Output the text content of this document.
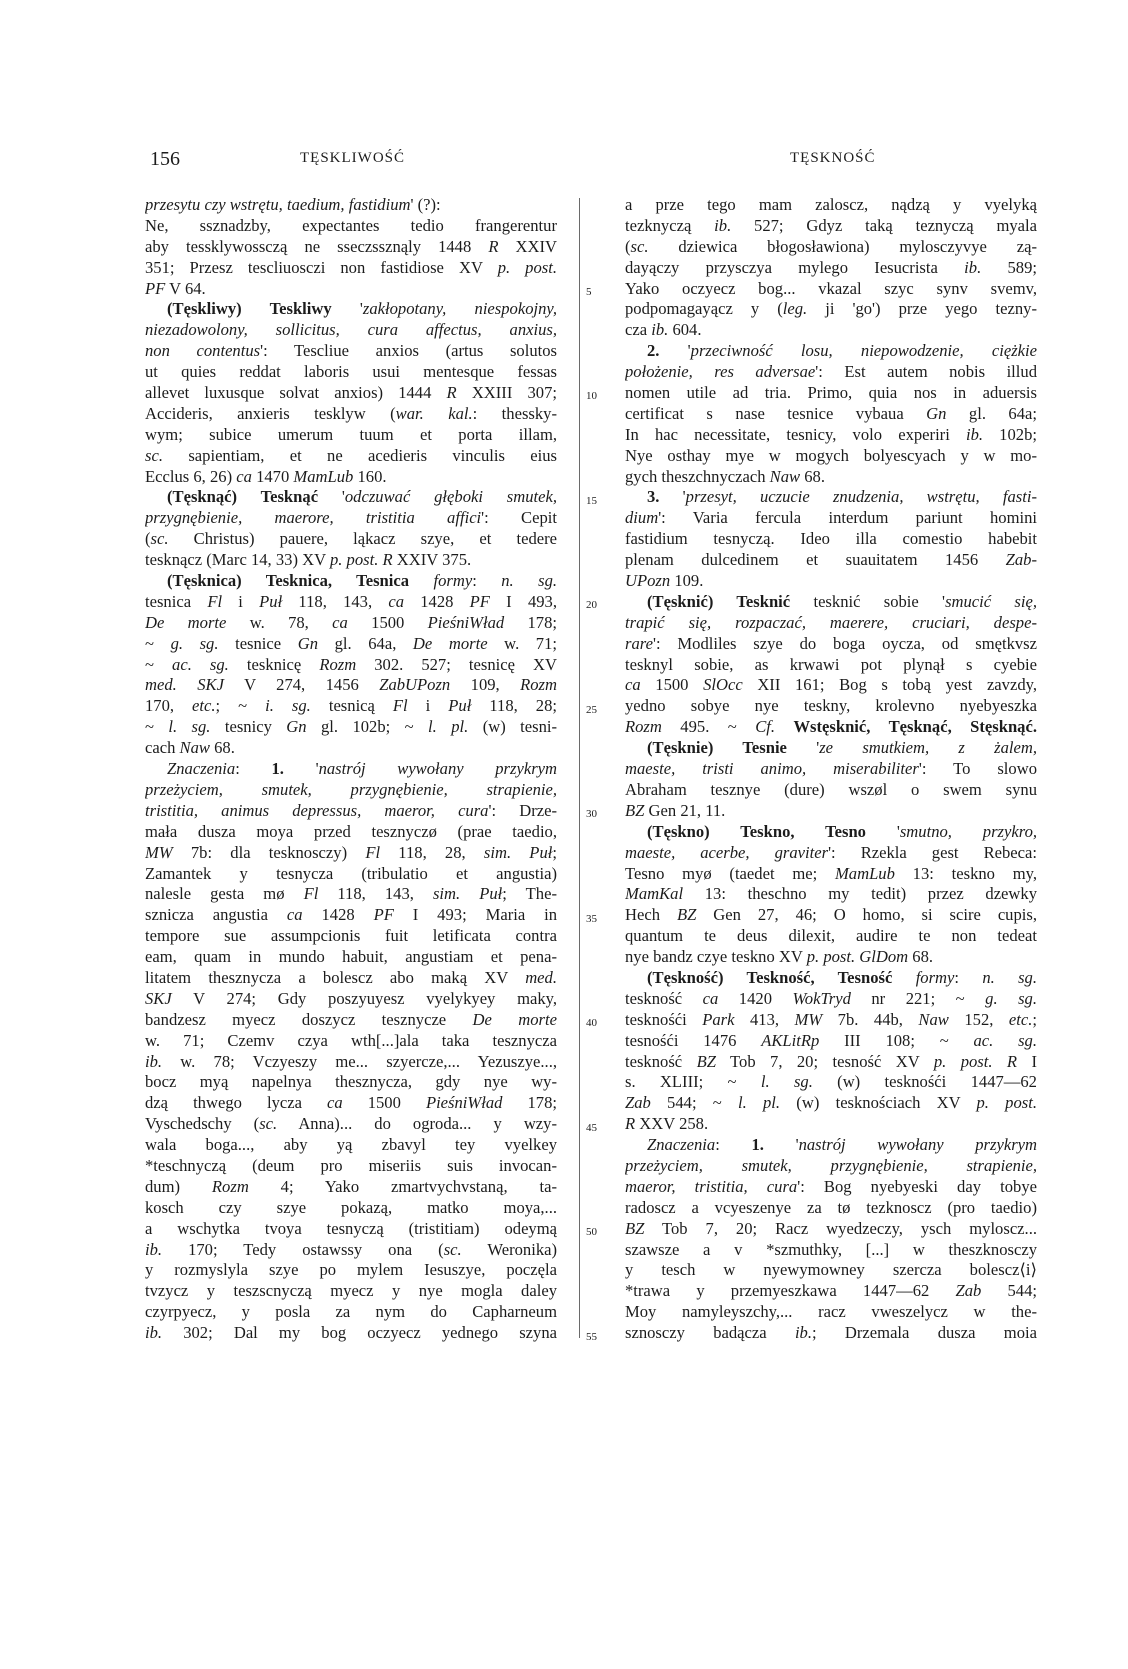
156	TĘSKLIWOŚĆ	TĘSKNOŚĆ
przesytu czy wstrętu, taedium, fastidium' (?):
Ne, ssznadzby, expectantes tedio frangerentur
aby tessklywossczą ne sseczssznąly 1448 R XXIV
351; Przesz tescliuosczi non fastidiose XV p. post.
PF V 64.
(Tęskliwy) Teskliwy 'zakłopotany, niespokojny,
niezadowolony, sollicitus, cura affectus, anxius,
non contentus': Tescliue anxios (artus solutos
ut quies reddat laboris usui mentesque fessas
allevet luxusque solvat anxios) 1444 R XXIII 307;
Accideris, anxieris tesklyw (war. kal.: thessky-
wym; subice umerum tuum et porta illam,
sc. sapientiam, et ne acedieris vinculis eius
Ecclus 6, 26) ca 1470 MamLub 160.
(Tęsknąć) Tesknąć 'odczuwać głęboki smutek,
przygnębienie, maerore, tristitia affici': Cepit
(sc. Christus) pauere, ląkacz szye, et tedere
tesknącz (Marc 14, 33) XV p. post. R XXIV 375.
(Tęsknica) Tesknica, Tesnica formy: n. sg.
tesnica Fl i Puł 118, 143, ca 1428 PF I 493,
De morte w. 78, ca 1500 PieśniWład 178;
~ g. sg. tesnice Gn gl. 64a, De morte w. 71;
~ ac. sg. tesknicę Rozm 302. 527; tesnicę XV
med. SKJ V 274, 1456 ZabUPozn 109, Rozm
170, etc.; ~ i. sg. tesnicą Fl i Puł 118, 28;
~ l. sg. tesnicy Gn gl. 102b; ~ l. pl. (w) tesni-
cach Naw 68.
Znaczenia: 1. 'nastrój wywołany przykrym
przeżyciem, smutek, przygnębienie, strapienie,
tristitia, animus depressus, maeror, cura': Drze-
mała dusza moya przed tesznyczø (prae taedio,
MW 7b: dla tesknosczy) Fl 118, 28, sim. Puł;
Zamantek y tesnycza (tribulatio et angustia)
nalesle gesta mø Fl 118, 143, sim. Puł; The-
sznicza angustia ca 1428 PF I 493; Maria in
tempore sue assumpcionis fuit letificata contra
eam, quam in mundo habuit, angustiam et pena-
litatem thesznycza a bolescz abo maką XV med.
SKJ V 274; Gdy poszyuyesz vyelykyey maky,
bandzesz myecz doszycz tesznycze De morte
w. 71; Czemv czya wth[...]ala taka tesznycza
ib. w. 78; Vczyeszy me... szyercze,... Yezuszye...,
bocz myą napelnya thesznycza, gdy nye wy-
dzą thwego lycza ca 1500 PieśniWład 178;
Vyschedschy (sc. Anna)... do ogroda... y wzy-
wala boga..., aby yą zbavyl tey vyelkey
*teschnyczą (deum pro miseriis suis invocan-
dum) Rozm 4; Yako zmartvychvstaną, ta-
kosch czy szye pokazą, matko moya,...
a wschytka tvoya tesnyczą (tristitiam) odeymą
ib. 170; Tedy ostawssy ona (sc. Weronika)
y rozmyslyla szye po mylem Iesuszye, poczęla
tvzycz y teszscnyczą myecz y nye mogla daley
czyrpyecz, y posla za nym do Capharneum
ib. 302; Dal my bog oczyecz yednego szyna
5
10
15
20
25
30
35
40
45
50
55
a prze tego mam zaloscz, nądzą y vyelyką
tezknyczą ib. 527; Gdyz taką teznyczą myala
(sc. dziewica błogosławiona) mylosczyvye zą-
dayączy przysczya mylego Iesucrista ib. 589;
Yako oczyecz bog... vkazal szyc synv svemv,
podpomagayącz y (leg. ji 'go') prze yego tezny-
cza ib. 604.
2. 'przeciwność losu, niepowodzenie, ciężkie
położenie, res adversae': Est autem nobis illud
nomen utile ad tria. Primo, quia nos in aduersis
certificat s nase tesnice vybaua Gn gl. 64a;
In hac necessitate, tesnicy, volo experiri ib. 102b;
Nye osthay mye w mogych bolyescyach y w mo-
gych theszchnyczach Naw 68.
3. 'przesyt, uczucie znudzenia, wstrętu, fasti-
dium': Varia fercula interdum pariunt homini
fastidium tesnyczą. Ideo illa comestio habebit
plenam dulcedinem et suauitatem 1456 Zab-
UPozn 109.
(Tęsknić) Tesknić tesknić sobie 'smucić się,
trapić się, rozpaczać, maerere, cruciari, despe-
rare': Modliles szye do boga oycza, od smętkvsz
tesknyl sobie, as krwawi pot plynął s cyebie
ca 1500 SlOcc XII 161; Bog s tobą yest zavzdy,
yedno sobye nye teskny, krolevno nyebyeszka
Rozm 495. ~ Cf. Wstęsknić, Tęsknąć, Stęsknąć.
(Tęsknie) Tesnie 'ze smutkiem, z żalem,
maeste, tristi animo, miserabiliter': To slowo
Abraham tesznye (dure) wszøl o swem synu
BZ Gen 21, 11.
(Tęskno) Teskno, Tesno 'smutno, przykro,
maeste, acerbe, graviter': Rzekla gest Rebeca:
Tesno myø (taedet me; MamLub 13: teskno my,
MamKal 13: theschno my tedit) przez dzewky
Hech BZ Gen 27, 46; O homo, si scire cupis,
quantum te deus dilexit, audire te non tedeat
nye bandz czye teskno XV p. post. GlDom 68.
(Tęskność) Teskność, Tesność formy: n. sg.
teskność ca 1420 WokTryd nr 221; ~ g. sg.
tesknośći Park 413, MW 7b. 44b, Naw 152, etc.;
tesnośći 1476 AKLitRp III 108; ~ ac. sg.
teskność BZ Tob 7, 20; tesność XV p. post. R I
s. XLIII; ~ l. sg. (w) tesknośći 1447—62
Zab 544; ~ l. pl. (w) tesknościach XV p. post.
R XXV 258.
Znaczenia: 1. 'nastrój wywołany przykrym
przeżyciem, smutek, przygnębienie, strapienie,
maeror, tristitia, cura': Bog nyebyeski day tobye
radoscz a vcyeszenye za tø tezknoscz (pro taedio)
BZ Tob 7, 20; Racz wyedzeczy, ysch myloscz...
szawsze a v *szmuthky, [...] w theszknosczy
y tesch w nyewymowney szercza bolescz⟨i⟩
*trawa y przemyeszkawa 1447—62 Zab 544;
Moy namyleyszchy,... racz vweszelycz w the-
sznosczy badącza ib.; Drzemala dusza moia
